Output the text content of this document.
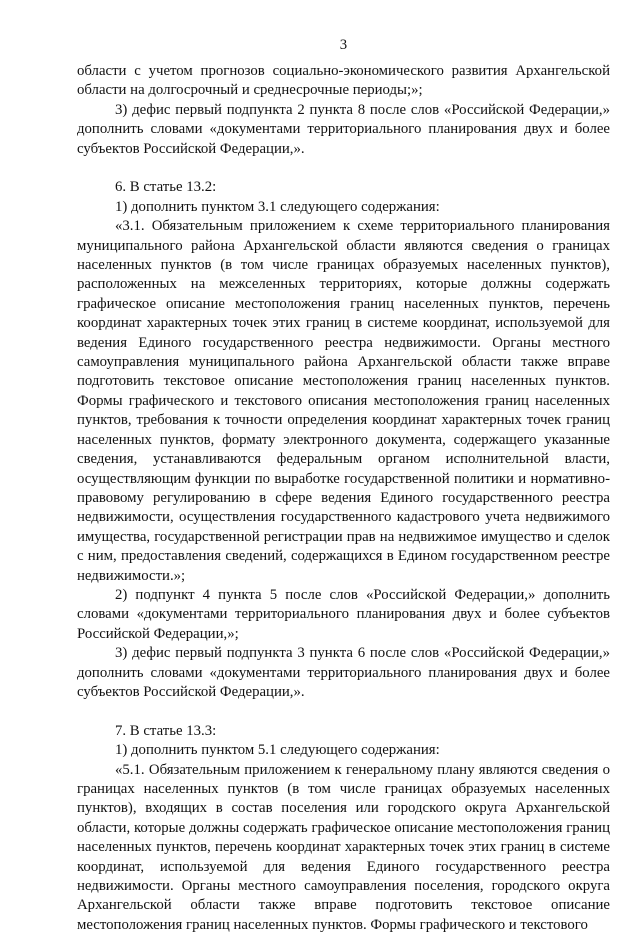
3

области с учетом прогнозов социально-экономического развития Архангельской области на долгосрочный и среднесрочные периоды;»;

3) дефис первый подпункта 2 пункта 8 после слов «Российской Федерации,» дополнить словами «документами территориального планирования двух и более субъектов Российской Федерации,».

6. В статье 13.2:

1) дополнить пунктом 3.1 следующего содержания:

«3.1. Обязательным приложением к схеме территориального планирования муниципального района Архангельской области являются сведения о границах населенных пунктов (в том числе границах образуемых населенных пунктов), расположенных на межселенных территориях, которые должны содержать графическое описание местоположения границ населенных пунктов, перечень координат характерных точек этих границ в системе координат, используемой для ведения Единого государственного реестра недвижимости. Органы местного самоуправления муниципального района Архангельской области также вправе подготовить текстовое описание местоположения границ населенных пунктов. Формы графического и текстового описания местоположения границ населенных пунктов, требования к точности определения координат характерных точек границ населенных пунктов, формату электронного документа, содержащего указанные сведения, устанавливаются федеральным органом исполнительной власти, осуществляющим функции по выработке государственной политики и нормативно-правовому регулированию в сфере ведения Единого государственного реестра недвижимости, осуществления государственного кадастрового учета недвижимого имущества, государственной регистрации прав на недвижимое имущество и сделок с ним, предоставления сведений, содержащихся в Едином государственном реестре недвижимости.»;

2) подпункт 4 пункта 5 после слов «Российской Федерации,» дополнить словами «документами территориального планирования двух и более субъектов Российской Федерации,»;

3) дефис первый подпункта 3 пункта 6 после слов «Российской Федерации,» дополнить словами «документами территориального планирования двух и более субъектов Российской Федерации,».

7. В статье 13.3:

1) дополнить пунктом 5.1 следующего содержания:

«5.1. Обязательным приложением к генеральному плану являются сведения о границах населенных пунктов (в том числе границах образуемых населенных пунктов), входящих в состав поселения или городского округа Архангельской области, которые должны содержать графическое описание местоположения границ населенных пунктов, перечень координат характерных точек этих границ в системе координат, используемой для ведения Единого государственного реестра недвижимости. Органы местного самоуправления поселения, городского округа Архангельской области также вправе подготовить текстовое описание местоположения границ населенных пунктов. Формы графического и текстового
